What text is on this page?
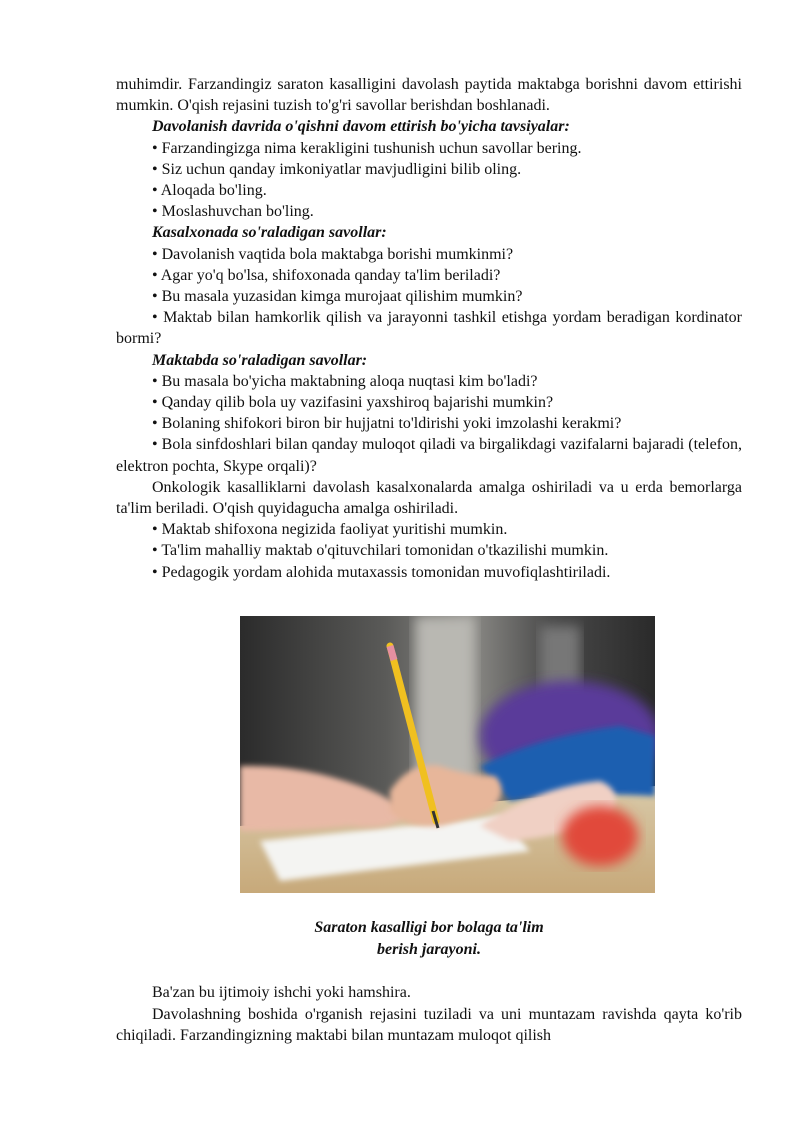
muhimdir. Farzandingiz saraton kasalligini davolash paytida maktabga borishni davom ettirishi mumkin. O'qish rejasini tuzish to'g'ri savollar berishdan boshlanadi.

Davolanish davrida o'qishni davom ettirish bo'yicha tavsiyalar:

• Farzandingizga nima kerakligini tushunish uchun savollar bering.

• Siz uchun qanday imkoniyatlar mavjudligini bilib oling.

• Aloqada bo'ling.

• Moslashuvchan bo'ling.

Kasalxonada so'raladigan savollar:

• Davolanish vaqtida bola maktabga borishi mumkinmi?

• Agar yo'q bo'lsa, shifoxonada qanday ta'lim beriladi?

• Bu masala yuzasidan kimga murojaat qilishim mumkin?

• Maktab bilan hamkorlik qilish va jarayonni tashkil etishga yordam beradigan kordinator bormi?

Maktabda so'raladigan savollar:

• Bu masala bo'yicha maktabning aloqa nuqtasi kim bo'ladi?

• Qanday qilib bola uy vazifasini yaxshiroq bajarishi mumkin?

• Bolaning shifokori biron bir hujjatni to'ldirishi yoki imzolashi kerakmi?

• Bola sinfdoshlari bilan qanday muloqot qiladi va birgalikdagi vazifalarni bajaradi (telefon, elektron pochta, Skype orqali)?

Onkologik kasalliklarni davolash kasalxonalarda amalga oshiriladi va u erda bemorlarga ta'lim beriladi. O'qish quyidagucha amalga oshiriladi.

• Maktab shifoxona negizida faoliyat yuritishi mumkin.

• Ta'lim mahalliy maktab o'qituvchilari tomonidan o'tkazilishi mumkin.

• Pedagogik yordam alohida mutaxassis tomonidan muvofiqlashtiriladi.

Saraton kasalligi bor bolaga ta'lim
berish jarayoni.

Ba'zan bu ijtimoiy ishchi yoki hamshira.

Davolashning boshida o'rganish rejasini tuziladi va uni muntazam ravishda qayta ko'rib chiqiladi. Farzandingizning maktabi bilan muntazam muloqot qilish
